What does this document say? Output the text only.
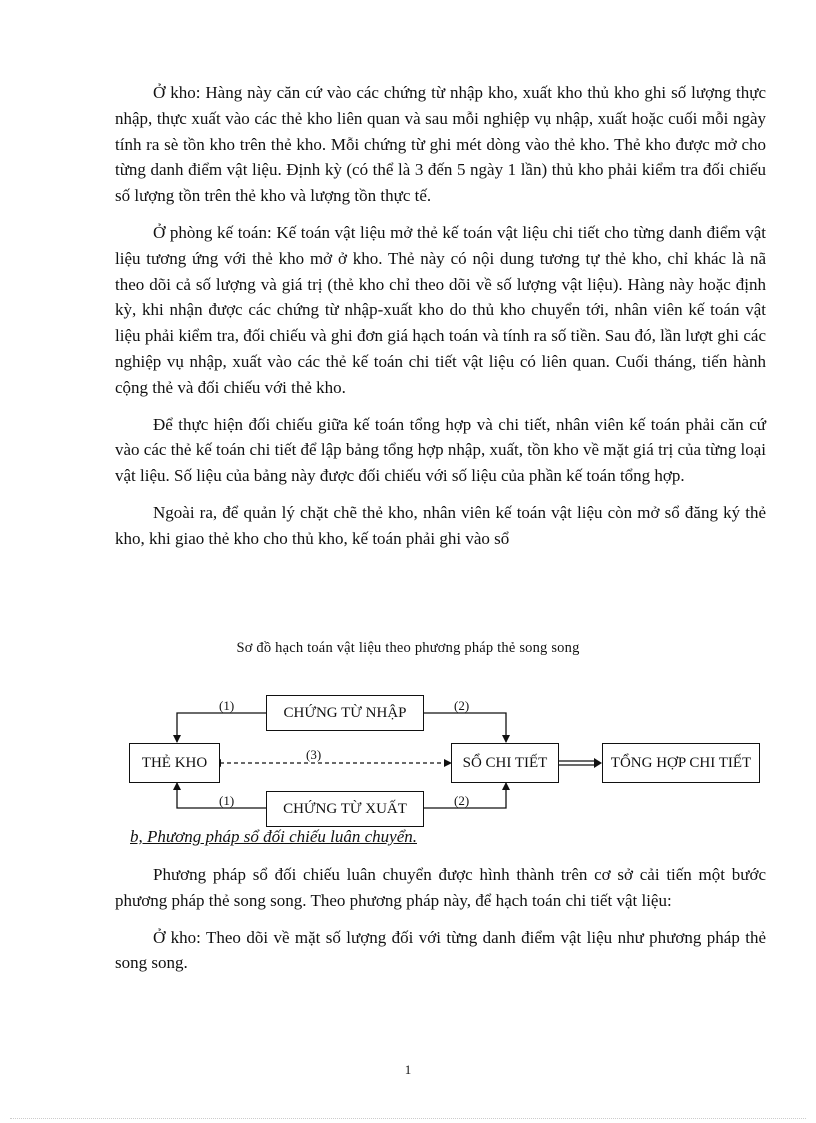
Ở kho: Hàng này căn cứ vào các chứng từ nhập kho, xuất kho thủ kho ghi số lượng thực nhập, thực xuất vào các thẻ kho liên quan và sau mỗi nghiệp vụ nhập, xuất hoặc cuối mỗi ngày tính ra sè tồn kho trên thẻ kho. Mỗi chứng từ ghi mét dòng vào thẻ kho. Thẻ kho được mở cho từng danh điểm vật liệu. Định kỳ (có thể là 3 đến 5 ngày 1 lần) thủ kho phải kiểm tra đối chiếu số lượng tồn trên thẻ kho và lượng tồn thực tế.

Ở phòng kế toán: Kế toán vật liệu mở thẻ kế toán vật liệu chi tiết cho từng danh điểm vật liệu tương ứng với thẻ kho mở ở kho. Thẻ này có nội dung tương tự thẻ kho, chỉ khác là nã theo dõi cả số lượng và giá trị (thẻ kho chỉ theo dõi về số lượng vật liệu). Hàng này hoặc định kỳ, khi nhận được các chứng từ nhập-xuất kho do thủ kho chuyển tới, nhân viên kế toán vật liệu phải kiểm tra, đối chiếu và ghi đơn giá hạch toán và tính ra số tiền. Sau đó, lần lượt ghi các nghiệp vụ nhập, xuất vào các thẻ kế toán chi tiết vật liệu có liên quan. Cuối tháng, tiến hành cộng thẻ và đối chiếu với thẻ kho.

Để thực hiện đối chiếu giữa kế toán tổng hợp và chi tiết, nhân viên kế toán phải căn cứ vào các thẻ kế toán chi tiết để lập bảng tổng hợp nhập, xuất, tồn kho về mặt giá trị của từng loại vật liệu. Số liệu của bảng này được đối chiếu với số liệu của phần kế toán tổng hợp.

Ngoài ra, để quản lý chặt chẽ thẻ kho, nhân viên kế toán vật liệu còn mở sổ đăng ký thẻ kho, khi giao thẻ kho cho thủ kho, kế toán phải ghi vào sổ

Sơ đồ hạch toán vật liệu theo phương pháp thẻ song song
CHỨNG TỪ NHẬP
THẺ KHO	SỔ CHI TIẾT	TỔNG HỢP CHI TIẾT
CHỨNG TỪ XUẤT
(1)	(2)
(3)
(1)	(2)
b, Phương pháp sổ đối chiếu luân chuyển.

Phương pháp sổ đối chiếu luân chuyển được hình thành trên cơ sở cải tiến một bước phương pháp thẻ song song. Theo phương pháp này, để hạch toán chi tiết vật liệu:

Ở kho: Theo dõi về mặt số lượng đối với từng danh điểm vật liệu như phương pháp thẻ song song.

1
